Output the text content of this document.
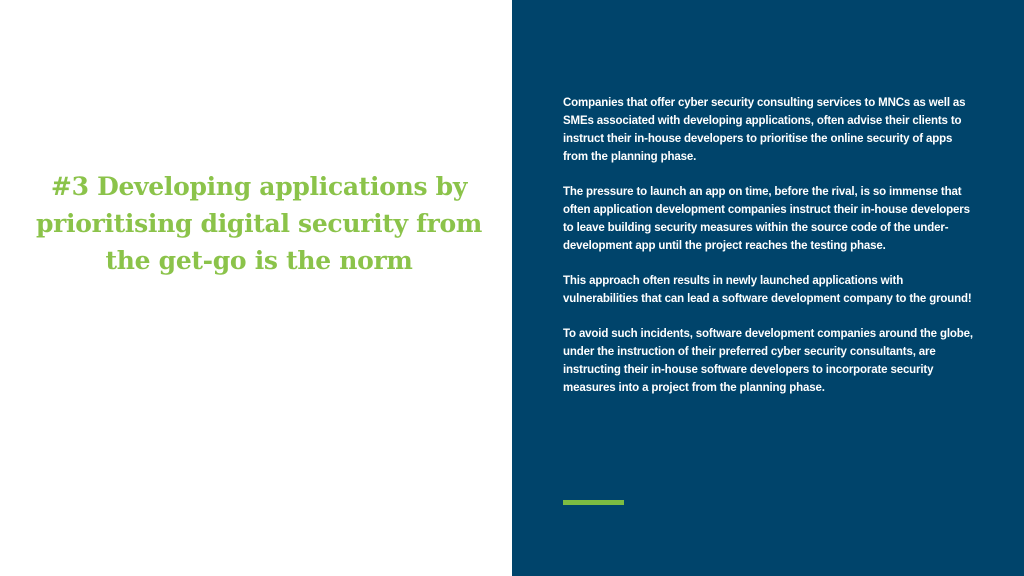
#3 Developing applications by prioritising digital security from the get-go is the norm

Companies that offer cyber security consulting services to MNCs as well as SMEs associated with developing applications, often advise their clients to instruct their in-house developers to prioritise the online security of apps from the planning phase.

The pressure to launch an app on time, before the rival, is so immense that often application development companies instruct their in-house developers to leave building security measures within the source code of the under-development app until the project reaches the testing phase.

This approach often results in newly launched applications with vulnerabilities that can lead a software development company to the ground!

To avoid such incidents, software development companies around the globe, under the instruction of their preferred cyber security consultants, are instructing their in-house software developers to incorporate security measures into a project from the planning phase.
